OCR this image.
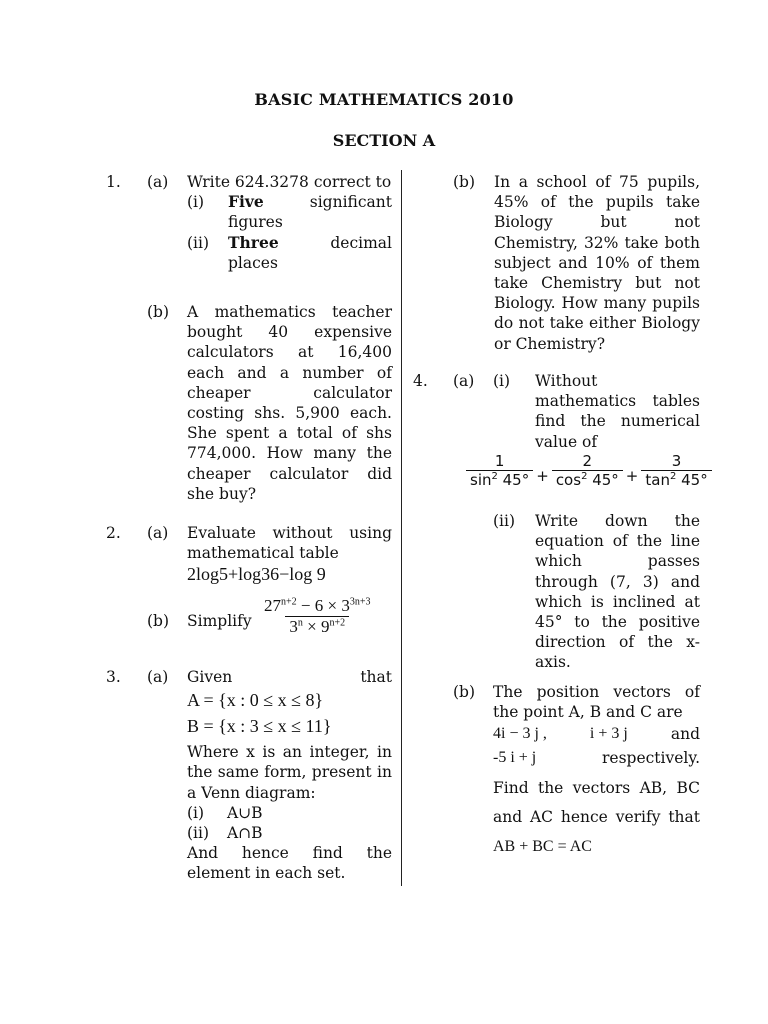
BASIC MATHEMATICS 2010
SECTION A
1. (a) Write 624.3278 correct to
(i)	Five	significant
figures
(ii)	Three	decimal
places
(b) A mathematics teacher bought 40 expensive calculators at 16,400 each and a number of cheaper calculator costing shs. 5,900 each. She spent a total of shs 774,000. How many the cheaper calculator did she buy?
2. (a) Evaluate without using mathematical table
2log5+log36−log 9
(b) Simplify $\frac{27^{n+2} - 6 \times 3^{3n+3}}{3^n \times 9^{n+2}}$
3. (a) Given	that
A = {x : 0 ≤ x ≤ 8}
B = {x : 3 ≤ x ≤ 11}
Where x is an integer, in the same form, present in a Venn diagram:
(i)	A∪B
(ii)	A∩B
And hence find the element in each set.
(b) In a school of 75 pupils, 45% of the pupils take Biology but not Chemistry, 32% take both subject and 10% of them take Chemistry but not Biology. How many pupils do not take either Biology or Chemistry?
4. (a) (i) Without mathematics tables find the numerical value of
$\frac{1}{\sin^2 45^\circ} + \frac{2}{\cos^2 45^\circ} + \frac{3}{\tan^2 45^\circ}$
(ii) Write down the equation of the line which passes through (7, 3) and which is inclined at 45° to the positive direction of the x-axis.
(b) The position vectors of the point A, B and C are
4i − 3 j ,	i + 3 j	and
-5 i + j	respectively.
Find the vectors AB, BC and AC hence verify that AB + BC = AC
